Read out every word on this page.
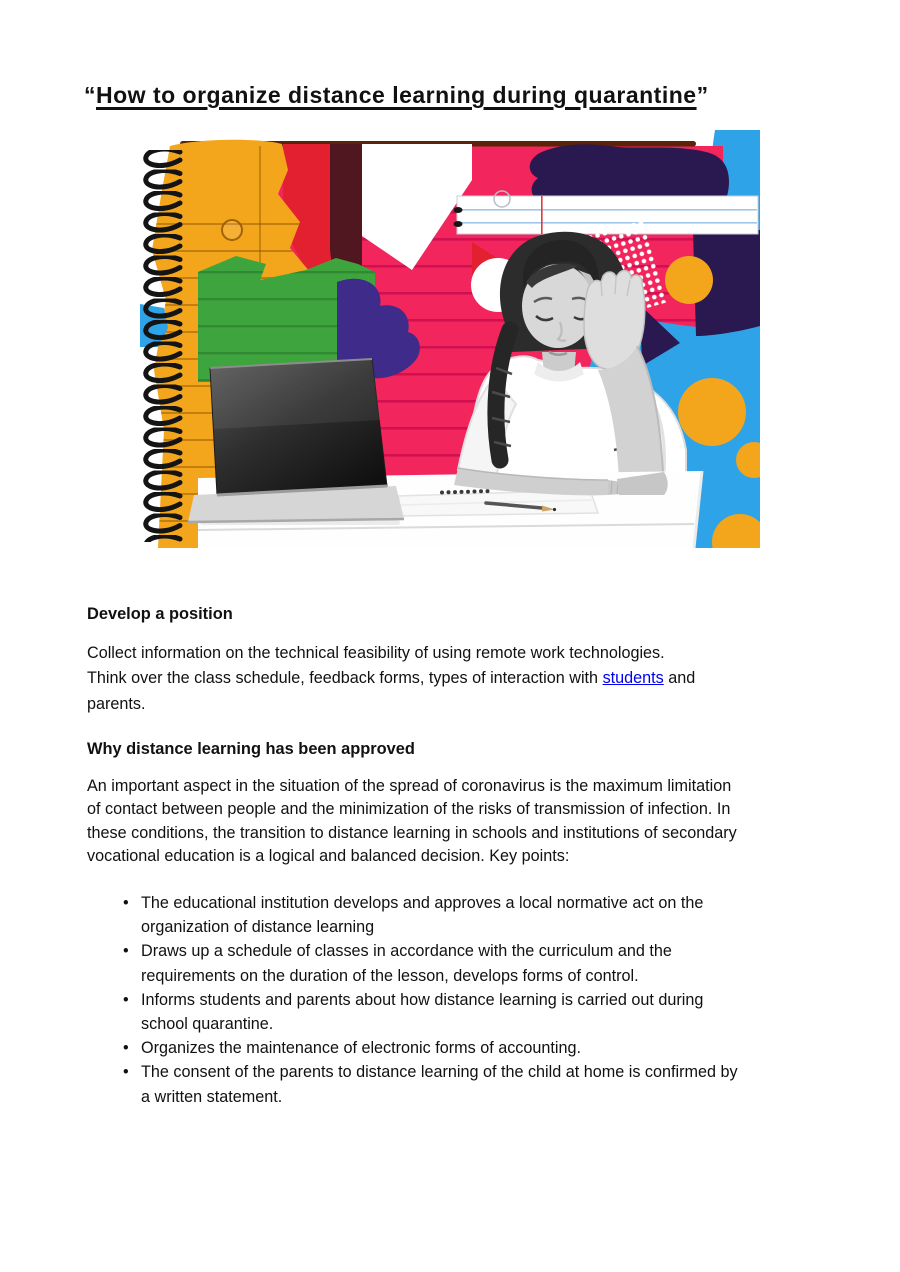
“How to organize distance learning during quarantine”
Develop a position

Collect information on the technical feasibility of using remote work technologies.
Think over the class schedule, feedback forms, types of interaction with students and
parents.

Why distance learning has been approved

An important aspect in the situation of the spread of coronavirus is the maximum limitation
of contact between people and the minimization of the risks of transmission of infection. In
these conditions, the transition to distance learning in schools and institutions of secondary
vocational education is a logical and balanced decision. Key points:

• The educational institution develops and approves a local normative act on the
organization of distance learning
• Draws up a schedule of classes in accordance with the curriculum and the
requirements on the duration of the lesson, develops forms of control.
• Informs students and parents about how distance learning is carried out during
school quarantine.
• Organizes the maintenance of electronic forms of accounting.
• The consent of the parents to distance learning of the child at home is confirmed by
a written statement.
